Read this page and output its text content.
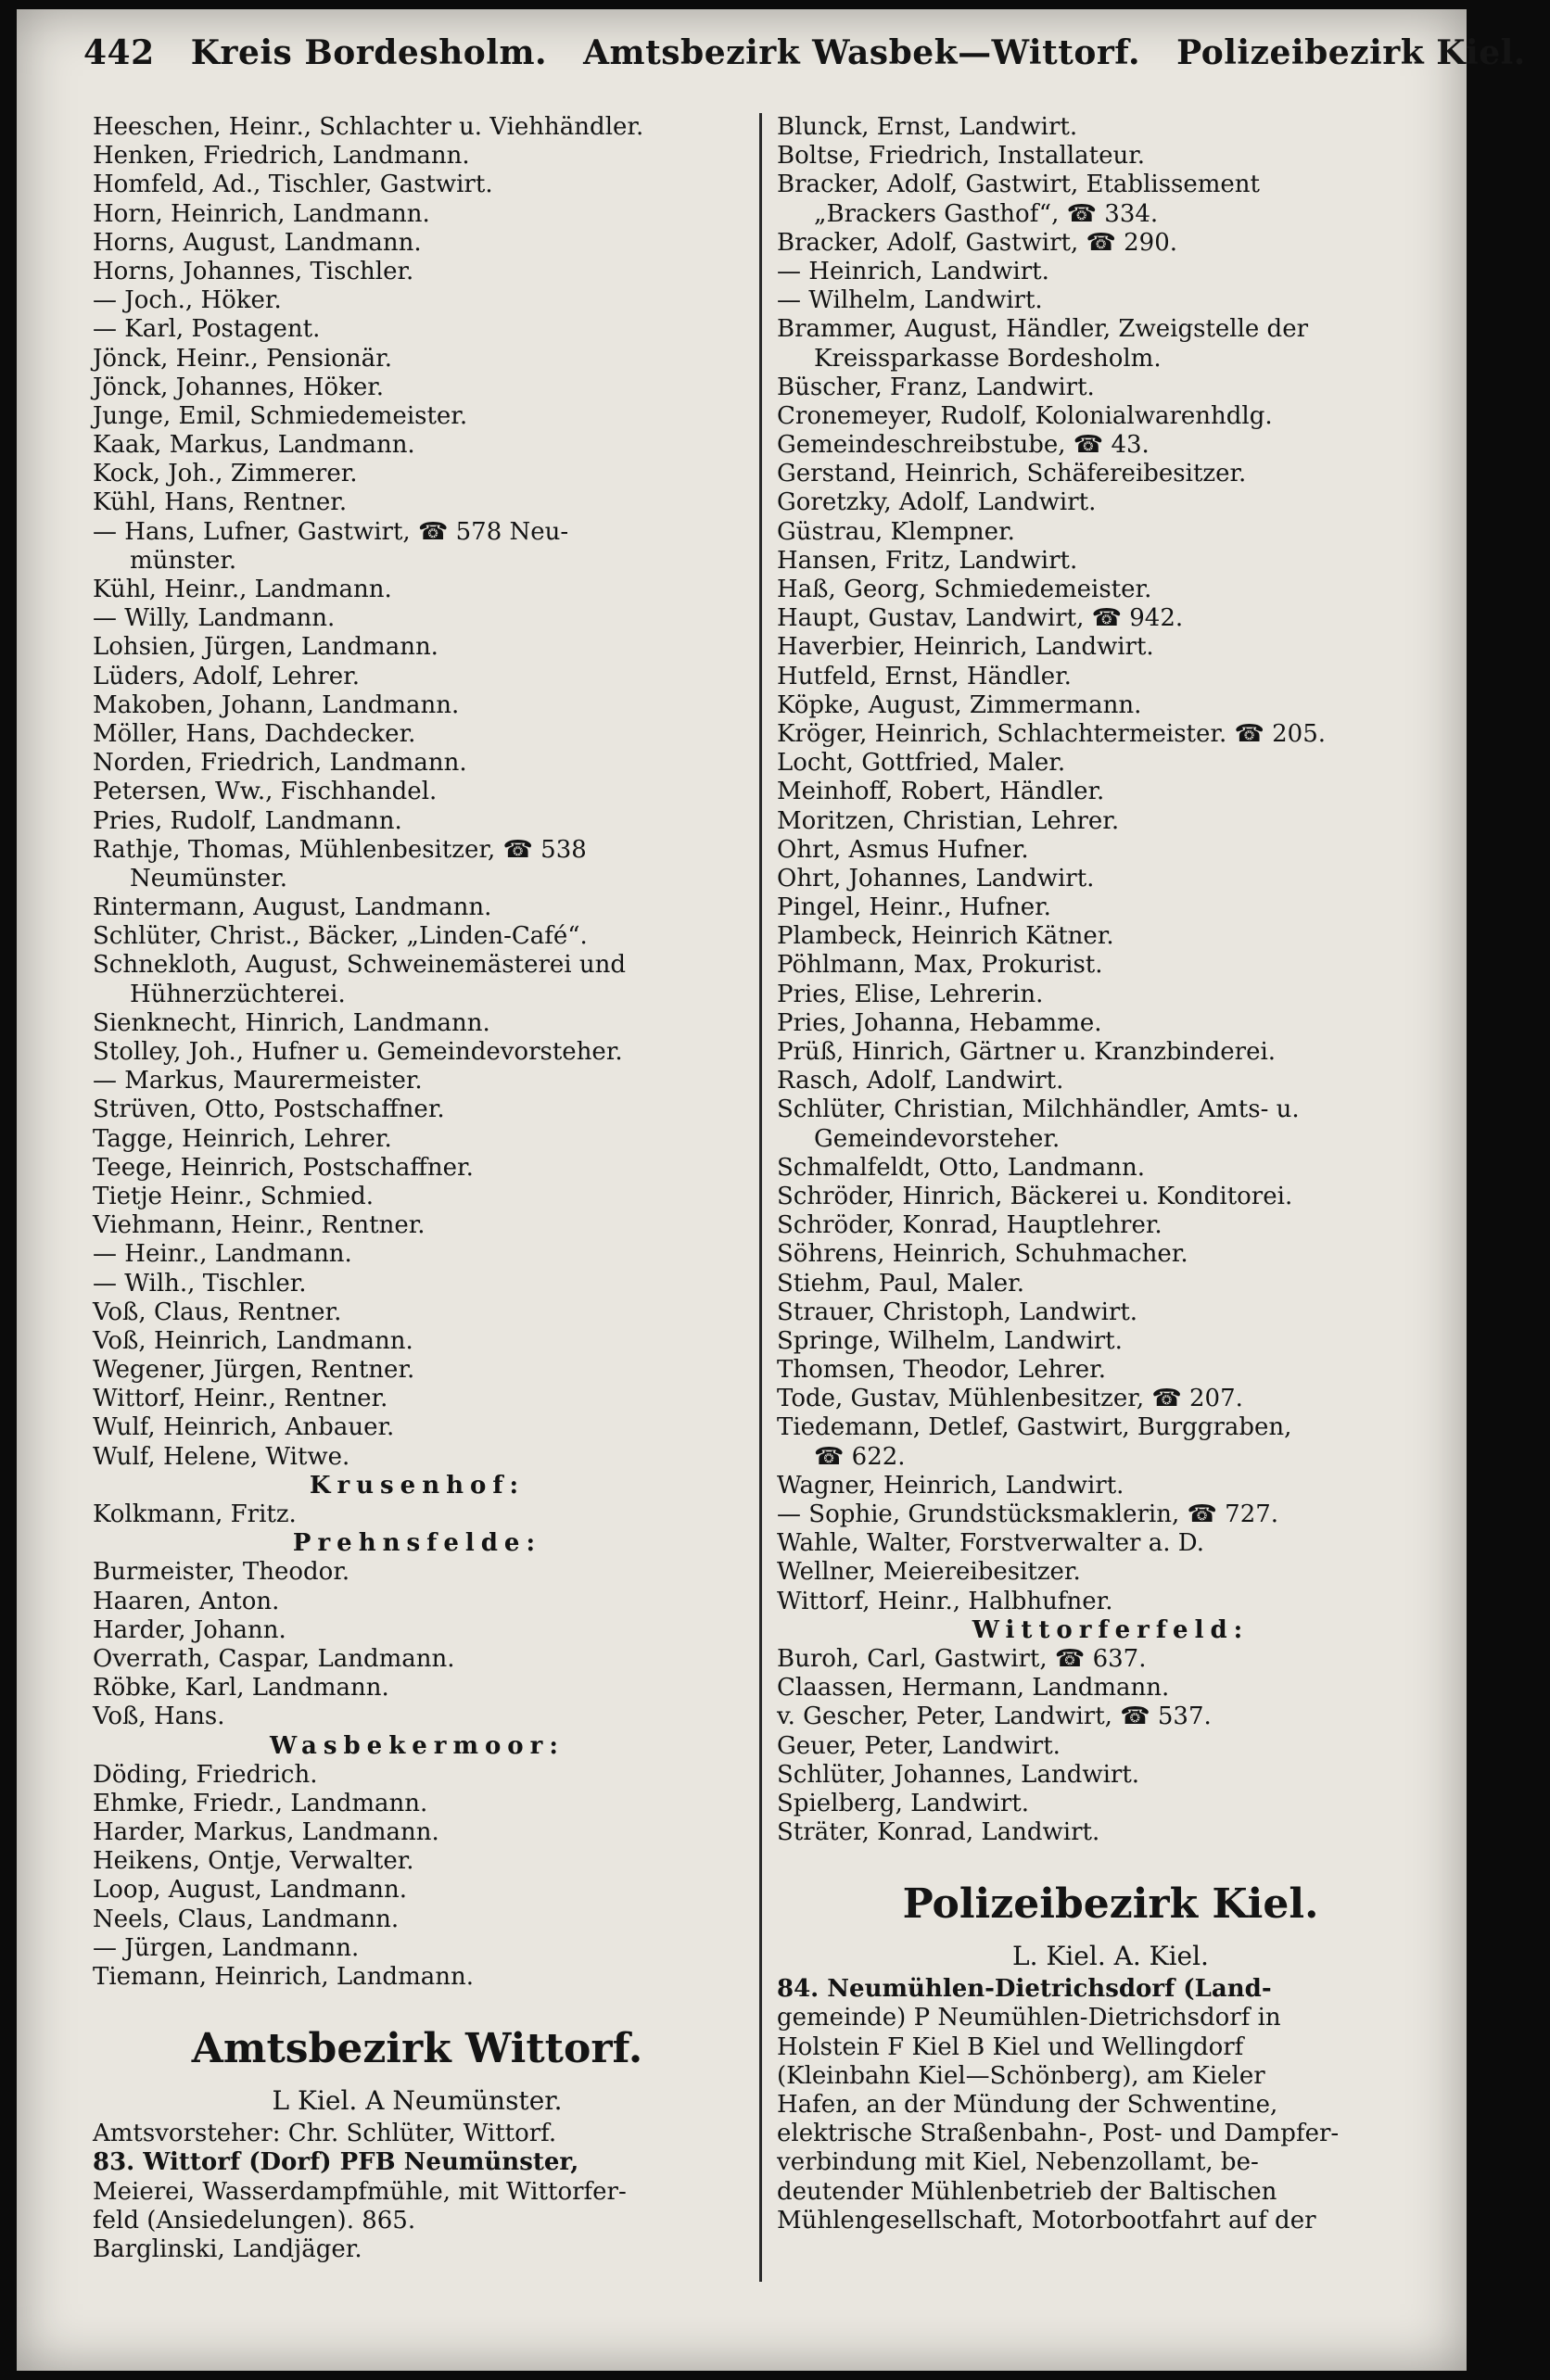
442 Kreis Bordesholm. Amtsbezirk Wasbek—Wittorf. Polizeibezirk Kiel.
Heeschen, Heinr., Schlachter u. Viehhändler.
Henken, Friedrich, Landmann.
Homfeld, Ad., Tischler, Gastwirt.
Horn, Heinrich, Landmann.
Horns, August, Landmann.
Horns, Johannes, Tischler.
— Joch., Höker.
— Karl, Postagent.
Jönck, Heinr., Pensionär.
Jönck, Johannes, Höker.
Junge, Emil, Schmiedemeister.
Kaak, Markus, Landmann.
Kock, Joh., Zimmerer.
Kühl, Hans, Rentner.
— Hans, Lufner, Gastwirt, ☎ 578 Neu-
münster.
Kühl, Heinr., Landmann.
— Willy, Landmann.
Lohsien, Jürgen, Landmann.
Lüders, Adolf, Lehrer.
Makoben, Johann, Landmann.
Möller, Hans, Dachdecker.
Norden, Friedrich, Landmann.
Petersen, Ww., Fischhandel.
Pries, Rudolf, Landmann.
Rathje, Thomas, Mühlenbesitzer, ☎ 538
Neumünster.
Rintermann, August, Landmann.
Schlüter, Christ., Bäcker, „Linden-Café“.
Schnekloth, August, Schweinemästerei und
Hühnerzüchterei.
Sienknecht, Hinrich, Landmann.
Stolley, Joh., Hufner u. Gemeindevorsteher.
— Markus, Maurermeister.
Strüven, Otto, Postschaffner.
Tagge, Heinrich, Lehrer.
Teege, Heinrich, Postschaffner.
Tietje Heinr., Schmied.
Viehmann, Heinr., Rentner.
— Heinr., Landmann.
— Wilh., Tischler.
Voß, Claus, Rentner.
Voß, Heinrich, Landmann.
Wegener, Jürgen, Rentner.
Wittorf, Heinr., Rentner.
Wulf, Heinrich, Anbauer.
Wulf, Helene, Witwe.
Krusenhof:
Kolkmann, Fritz.
Prehnsfelde:
Burmeister, Theodor.
Haaren, Anton.
Harder, Johann.
Overrath, Caspar, Landmann.
Röbke, Karl, Landmann.
Voß, Hans.
Wasbekermoor:
Döding, Friedrich.
Ehmke, Friedr., Landmann.
Harder, Markus, Landmann.
Heikens, Ontje, Verwalter.
Loop, August, Landmann.
Neels, Claus, Landmann.
— Jürgen, Landmann.
Tiemann, Heinrich, Landmann.
Amtsbezirk Wittorf.
L Kiel. A Neumünster.
Amtsvorsteher: Chr. Schlüter, Wittorf.
83. Wittorf (Dorf) PFB Neumünster,
Meierei, Wasserdampfmühle, mit Wittorfer-
feld (Ansiedelungen). 865.
Barglinski, Landjäger.
Blunck, Ernst, Landwirt.
Boltse, Friedrich, Installateur.
Bracker, Adolf, Gastwirt, Etablissement
„Brackers Gasthof“, ☎ 334.
Bracker, Adolf, Gastwirt, ☎ 290.
— Heinrich, Landwirt.
— Wilhelm, Landwirt.
Brammer, August, Händler, Zweigstelle der
Kreissparkasse Bordesholm.
Büscher, Franz, Landwirt.
Cronemeyer, Rudolf, Kolonialwarenhdlg.
Gemeindeschreibstube, ☎ 43.
Gerstand, Heinrich, Schäfereibesitzer.
Goretzky, Adolf, Landwirt.
Güstrau, Klempner.
Hansen, Fritz, Landwirt.
Haß, Georg, Schmiedemeister.
Haupt, Gustav, Landwirt, ☎ 942.
Haverbier, Heinrich, Landwirt.
Hutfeld, Ernst, Händler.
Köpke, August, Zimmermann.
Kröger, Heinrich, Schlachtermeister. ☎ 205.
Locht, Gottfried, Maler.
Meinhoff, Robert, Händler.
Moritzen, Christian, Lehrer.
Ohrt, Asmus Hufner.
Ohrt, Johannes, Landwirt.
Pingel, Heinr., Hufner.
Plambeck, Heinrich Kätner.
Pöhlmann, Max, Prokurist.
Pries, Elise, Lehrerin.
Pries, Johanna, Hebamme.
Prüß, Hinrich, Gärtner u. Kranzbinderei.
Rasch, Adolf, Landwirt.
Schlüter, Christian, Milchhändler, Amts- u.
Gemeindevorsteher.
Schmalfeldt, Otto, Landmann.
Schröder, Hinrich, Bäckerei u. Konditorei.
Schröder, Konrad, Hauptlehrer.
Söhrens, Heinrich, Schuhmacher.
Stiehm, Paul, Maler.
Strauer, Christoph, Landwirt.
Springe, Wilhelm, Landwirt.
Thomsen, Theodor, Lehrer.
Tode, Gustav, Mühlenbesitzer, ☎ 207.
Tiedemann, Detlef, Gastwirt, Burggraben,
☎ 622.
Wagner, Heinrich, Landwirt.
— Sophie, Grundstücksmaklerin, ☎ 727.
Wahle, Walter, Forstverwalter a. D.
Wellner, Meiereibesitzer.
Wittorf, Heinr., Halbhufner.
Wittorferfeld:
Buroh, Carl, Gastwirt, ☎ 637.
Claassen, Hermann, Landmann.
v. Gescher, Peter, Landwirt, ☎ 537.
Geuer, Peter, Landwirt.
Schlüter, Johannes, Landwirt.
Spielberg, Landwirt.
Sträter, Konrad, Landwirt.
Polizeibezirk Kiel.
L. Kiel. A. Kiel.
84. Neumühlen-Dietrichsdorf (Land-
gemeinde) P Neumühlen-Dietrichsdorf in
Holstein F Kiel B Kiel und Wellingdorf
(Kleinbahn Kiel—Schönberg), am Kieler
Hafen, an der Mündung der Schwentine,
elektrische Straßenbahn-, Post- und Dampfer-
verbindung mit Kiel, Nebenzollamt, be-
deutender Mühlenbetrieb der Baltischen
Mühlengesellschaft, Motorbootfahrt auf der
